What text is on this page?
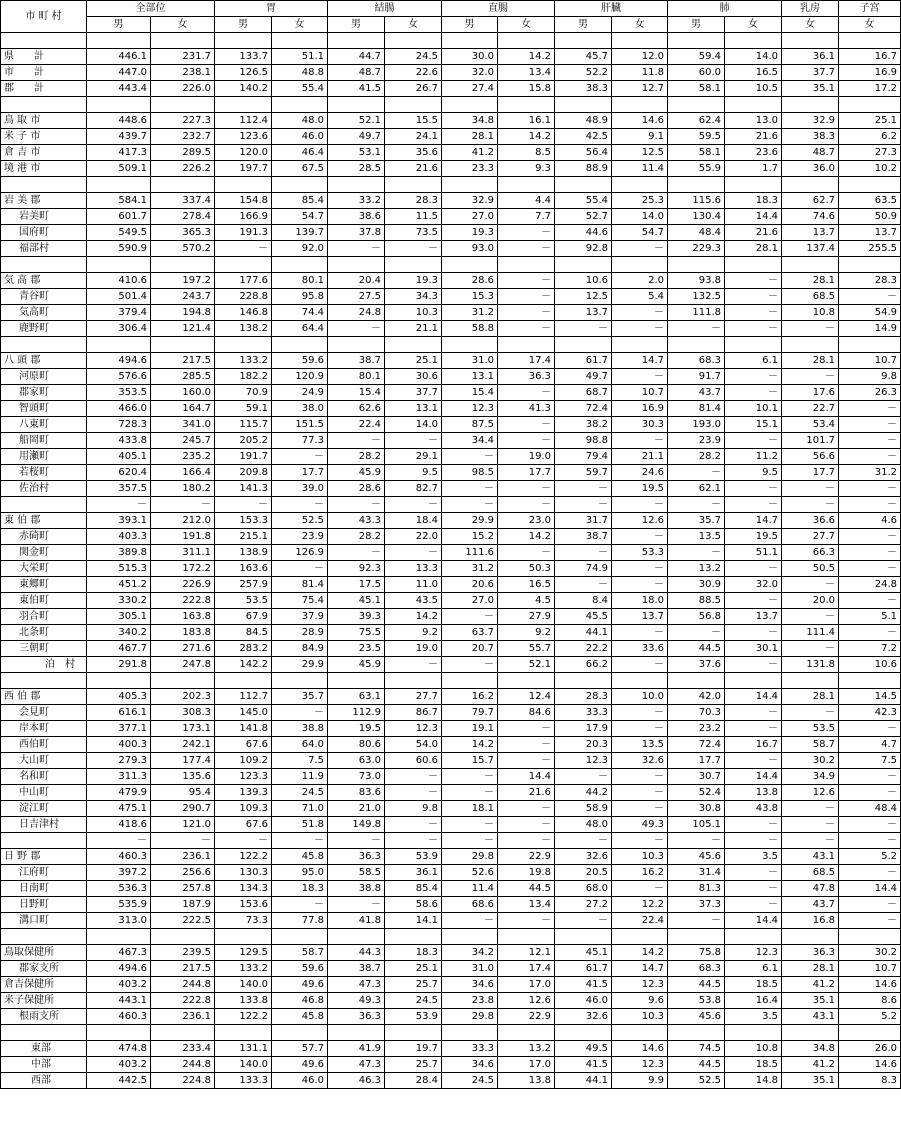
市 町 村	全部位		胃		結腸		直腸		肝臓		肺		乳房	子宮
	男	女	男	女	男	女	男	女	男	女	男	女	女	女

県　　計	446.1	231.7	133.7	51.1	44.7	24.5	30.0	14.2	45.7	12.0	59.4	14.0	36.1	16.7
市　　計	447.0	238.1	126.5	48.8	48.7	22.6	32.0	13.4	52.2	11.8	60.0	16.5	37.7	16.9
郡　　計	443.4	226.0	140.2	55.4	41.5	26.7	27.4	15.8	38.3	12.7	58.1	10.5	35.1	17.2

鳥 取 市	448.6	227.3	112.4	48.0	52.1	15.5	34.8	16.1	48.9	14.6	62.4	13.0	32.9	25.1
米 子 市	439.7	232.7	123.6	46.0	49.7	24.1	28.1	14.2	42.5	9.1	59.5	21.6	38.3	6.2
倉 吉 市	417.3	289.5	120.0	46.4	53.1	35.6	41.2	8.5	56.4	12.5	58.1	23.6	48.7	27.3
境 港 市	509.1	226.2	197.7	67.5	28.5	21.6	23.3	9.3	88.9	11.4	55.9	1.7	36.0	10.2

岩 美 郡	584.1	337.4	154.8	85.4	33.2	28.3	32.9	4.4	55.4	25.3	115.6	18.3	62.7	63.5
岩美町	601.7	278.4	166.9	54.7	38.6	11.5	27.0	7.7	52.7	14.0	130.4	14.4	74.6	50.9
国府町	549.5	365.3	191.3	139.7	37.8	73.5	19.3	－	44.6	54.7	48.4	21.6	13.7	13.7
福部村	590.9	570.2	－	92.0	－	－	93.0	－	92.8	－	229.3	28.1	137.4	255.5

気 高 郡	410.6	197.2	177.6	80.1	20.4	19.3	28.6	－	10.6	2.0	93.8	－	28.1	28.3
青谷町	501.4	243.7	228.8	95.8	27.5	34.3	15.3	－	12.5	5.4	132.5	－	68.5	－
気高町	379.4	194.8	146.8	74.4	24.8	10.3	31.2	－	13.7	－	111.8	－	10.8	54.9
鹿野町	306.4	121.4	138.2	64.4	－	21.1	58.8	－	－	－	－	－	－	14.9

八 頭 郡	494.6	217.5	133.2	59.6	38.7	25.1	31.0	17.4	61.7	14.7	68.3	6.1	28.1	10.7
河原町	576.6	285.5	182.2	120.9	80.1	30.6	13.1	36.3	49.7	－	91.7	－	－	9.8
郡家町	353.5	160.0	70.9	24.9	15.4	37.7	15.4	－	68.7	10.7	43.7	－	17.6	26.3
智頭町	466.0	164.7	59.1	38.0	62.6	13.1	12.3	41.3	72.4	16.9	81.4	10.1	22.7	－
八東町	728.3	341.0	115.7	151.5	22.4	14.0	87.5	－	38.2	30.3	193.0	15.1	53.4	－
船岡町	433.8	245.7	205.2	77.3	－	－	34.4	－	98.8	－	23.9	－	101.7	－
用瀬町	405.1	235.2	191.7	－	28.2	29.1	－	19.0	79.4	21.1	28.2	11.2	56.6	－
若桜町	620.4	166.4	209.8	17.7	45.9	9.5	98.5	17.7	59.7	24.6	－	9.5	17.7	31.2
佐治村	357.5	180.2	141.3	39.0	28.6	82.7	－	－	－	19.5	62.1	－	－	－
	－	－	－	－	－	－	－	－	－	－	－	－	－	－
東 伯 郡	393.1	212.0	153.3	52.5	43.3	18.4	29.9	23.0	31.7	12.6	35.7	14.7	36.6	4.6
赤碕町	403.3	191.8	215.1	23.9	28.2	22.0	15.2	14.2	38.7	－	13.5	19.5	27.7	－
関金町	389.8	311.1	138.9	126.9	－	－	111.6	－	－	53.3	－	51.1	66.3	－
大栄町	515.3	172.2	163.6	－	92.3	13.3	31.2	50.3	74.9	－	13.2	－	50.5	－
東郷町	451.2	226.9	257.9	81.4	17.5	11.0	20.6	16.5	－	－	30.9	32.0	－	24.8
東伯町	330.2	222.8	53.5	75.4	45.1	43.5	27.0	4.5	8.4	18.0	88.5	－	20.0	－
羽合町	305.1	163.8	67.9	37.9	39.3	14.2	－	27.9	45.5	13.7	56.8	13.7	－	5.1
北条町	340.2	183.8	84.5	28.9	75.5	9.2	63.7	9.2	44.1	－	－	－	111.4	－
三朝町	467.7	271.6	283.2	84.9	23.5	19.0	20.7	55.7	22.2	33.6	44.5	30.1	－	7.2
泊　村	291.8	247.8	142.2	29.9	45.9	－	－	52.1	66.2	－	37.6	－	131.8	10.6

西 伯 郡	405.3	202.3	112.7	35.7	63.1	27.7	16.2	12.4	28.3	10.0	42.0	14.4	28.1	14.5
会見町	616.1	308.3	145.0	－	112.9	86.7	79.7	84.6	33.3	－	70.3	－	－	42.3
岸本町	377.1	173.1	141.8	38.8	19.5	12.3	19.1	－	17.9	－	23.2	－	53.5	－
西伯町	400.3	242.1	67.6	64.0	80.6	54.0	14.2	－	20.3	13.5	72.4	16.7	58.7	4.7
大山町	279.3	177.4	109.2	7.5	63.0	60.6	15.7	－	12.3	32.6	17.7	－	30.2	7.5
名和町	311.3	135.6	123.3	11.9	73.0	－	－	14.4	－	－	30.7	14.4	34.9	－
中山町	479.9	95.4	139.3	24.5	83.6	－	－	21.6	44.2	－	52.4	13.8	12.6	－
淀江町	475.1	290.7	109.3	71.0	21.0	9.8	18.1	－	58.9	－	30.8	43.8	－	48.4
日吉津村	418.6	121.0	67.6	51.8	149.8	－	－	－	48.0	49.3	105.1	－	－	－
	－	－	－	－	－	－	－	－	－	－	－	－	－	－
日 野 郡	460.3	236.1	122.2	45.8	36.3	53.9	29.8	22.9	32.6	10.3	45.6	3.5	43.1	5.2
江府町	397.2	256.6	130.3	95.0	58.5	36.1	52.6	19.8	20.5	16.2	31.4	－	68.5	－
日南町	536.3	257.8	134.3	18.3	38.8	85.4	11.4	44.5	68.0	－	81.3	－	47.8	14.4
日野町	535.9	187.9	153.6	－	－	58.6	68.6	13.4	27.2	12.2	37.3	－	43.7	－
溝口町	313.0	222.5	73.3	77.8	41.8	14.1	－	－	－	22.4	－	14.4	16.8	－

鳥取保健所	467.3	239.5	129.5	58.7	44.3	18.3	34.2	12.1	45.1	14.2	75.8	12.3	36.3	30.2
郡家支所	494.6	217.5	133.2	59.6	38.7	25.1	31.0	17.4	61.7	14.7	68.3	6.1	28.1	10.7
倉吉保健所	403.2	244.8	140.0	49.6	47.3	25.7	34.6	17.0	41.5	12.3	44.5	18.5	41.2	14.6
米子保健所	443.1	222.8	133.8	46.8	49.3	24.5	23.8	12.6	46.0	9.6	53.8	16.4	35.1	8.6
根雨支所	460.3	236.1	122.2	45.8	36.3	53.9	29.8	22.9	32.6	10.3	45.6	3.5	43.1	5.2

東部	474.8	233.4	131.1	57.7	41.9	19.7	33.3	13.2	49.5	14.6	74.5	10.8	34.8	26.0
中部	403.2	244.8	140.0	49.6	47.3	25.7	34.6	17.0	41.5	12.3	44.5	18.5	41.2	14.6
西部	442.5	224.8	133.3	46.0	46.3	28.4	24.5	13.8	44.1	9.9	52.5	14.8	35.1	8.3
